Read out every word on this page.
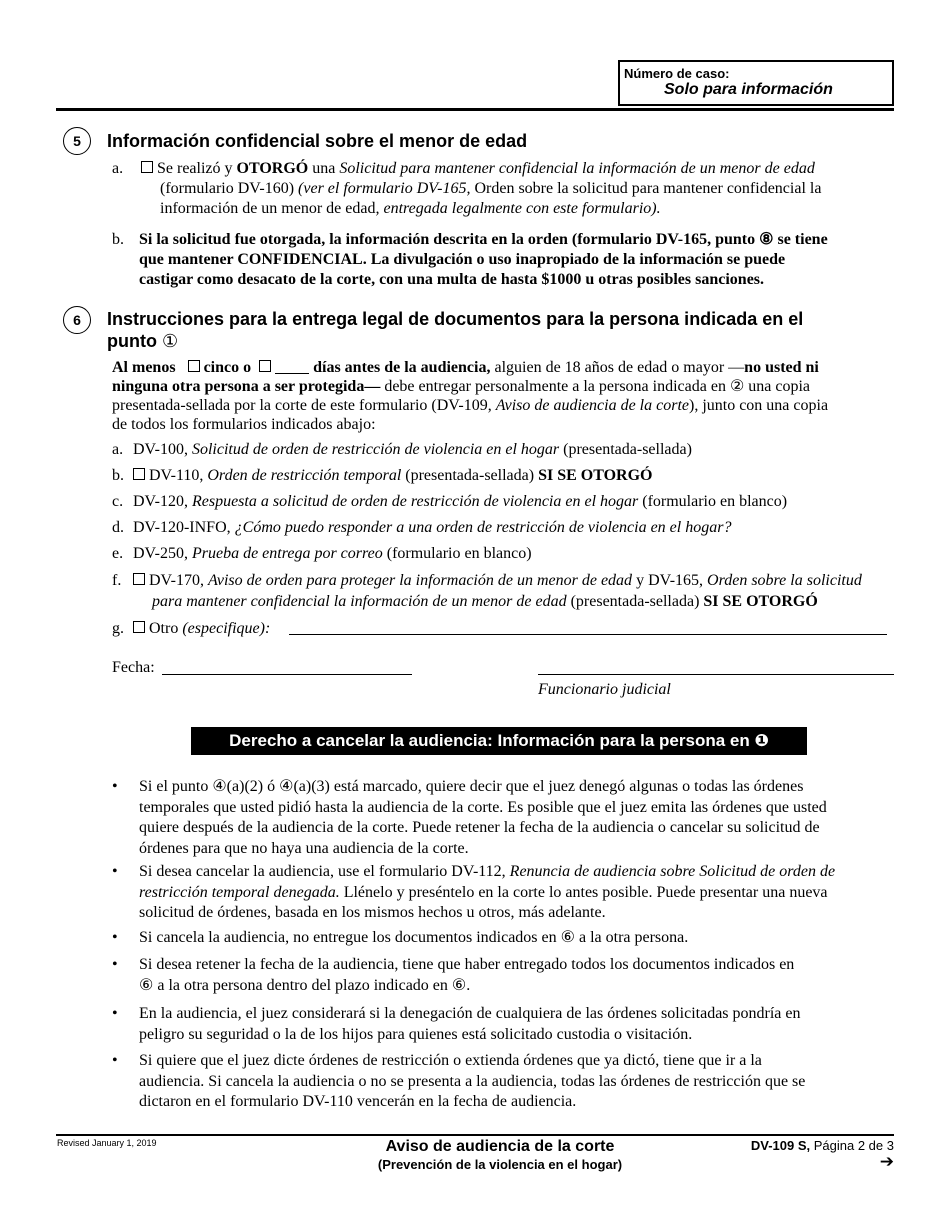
Número de caso:
Solo para información
5	Información confidencial sobre el menor de edad
a.	Se realizó y OTORGÓ una Solicitud para mantener confidencial la información de un menor de edad
(formulario DV-160) (ver el formulario DV-165, Orden sobre la solicitud para mantener confidencial la
información de un menor de edad, entregada legalmente con este formulario).
b. Si la solicitud fue otorgada, la información descrita en la orden (formulario DV-165, punto ⑧ se tiene
que mantener CONFIDENCIAL. La divulgación o uso inapropiado de la información se puede
castigar como desacato de la corte, con una multa de hasta $1000 u otras posibles sanciones.
6	Instrucciones para la entrega legal de documentos para la persona indicada en el
punto ①
Al menos cinco o	días antes de la audiencia, alguien de 18 años de edad o mayor —no usted ni
ninguna otra persona a ser protegida— debe entregar personalmente a la persona indicada en ② una copia
presentada-sellada por la corte de este formulario (DV-109, Aviso de audiencia de la corte), junto con una copia
de todos los formularios indicados abajo:
a. DV-100, Solicitud de orden de restricción de violencia en el hogar (presentada-sellada)
b.	DV-110, Orden de restricción temporal (presentada-sellada) SI SE OTORGÓ
c. DV-120, Respuesta a solicitud de orden de restricción de violencia en el hogar (formulario en blanco)
d. DV-120-INFO, ¿Cómo puedo responder a una orden de restricción de violencia en el hogar?
e. DV-250, Prueba de entrega por correo (formulario en blanco)
f.	DV-170, Aviso de orden para proteger la información de un menor de edad y DV-165, Orden sobre la solicitud
para mantener confidencial la información de un menor de edad (presentada-sellada) SI SE OTORGÓ
g.	Otro (especifique):
Fecha:
Funcionario judicial
Derecho a cancelar la audiencia: Información para la persona en ❶
• Si el punto ④(a)(2) ó ④(a)(3) está marcado, quiere decir que el juez denegó algunas o todas las órdenes
temporales que usted pidió hasta la audiencia de la corte. Es posible que el juez emita las órdenes que usted
quiere después de la audiencia de la corte. Puede retener la fecha de la audiencia o cancelar su solicitud de
órdenes para que no haya una audiencia de la corte.
• Si desea cancelar la audiencia, use el formulario DV-112, Renuncia de audiencia sobre Solicitud de orden de
restricción temporal denegada. Llénelo y preséntelo en la corte lo antes posible. Puede presentar una nueva
solicitud de órdenes, basada en los mismos hechos u otros, más adelante.
• Si cancela la audiencia, no entregue los documentos indicados en ⑥ a la otra persona.
• Si desea retener la fecha de la audiencia, tiene que haber entregado todos los documentos indicados en
⑥ a la otra persona dentro del plazo indicado en ⑥.
• En la audiencia, el juez considerará si la denegación de cualquiera de las órdenes solicitadas pondría en
peligro su seguridad o la de los hijos para quienes está solicitado custodia o visitación.
• Si quiere que el juez dicte órdenes de restricción o extienda órdenes que ya dictó, tiene que ir a la
audiencia. Si cancela la audiencia o no se presenta a la audiencia, todas las órdenes de restricción que se
dictaron en el formulario DV-110 vencerán en la fecha de audiencia.
Revised January 1, 2019	Aviso de audiencia de la corte
(Prevención de la violencia en el hogar)
DV-109 S, Página 2 de 3
➔
